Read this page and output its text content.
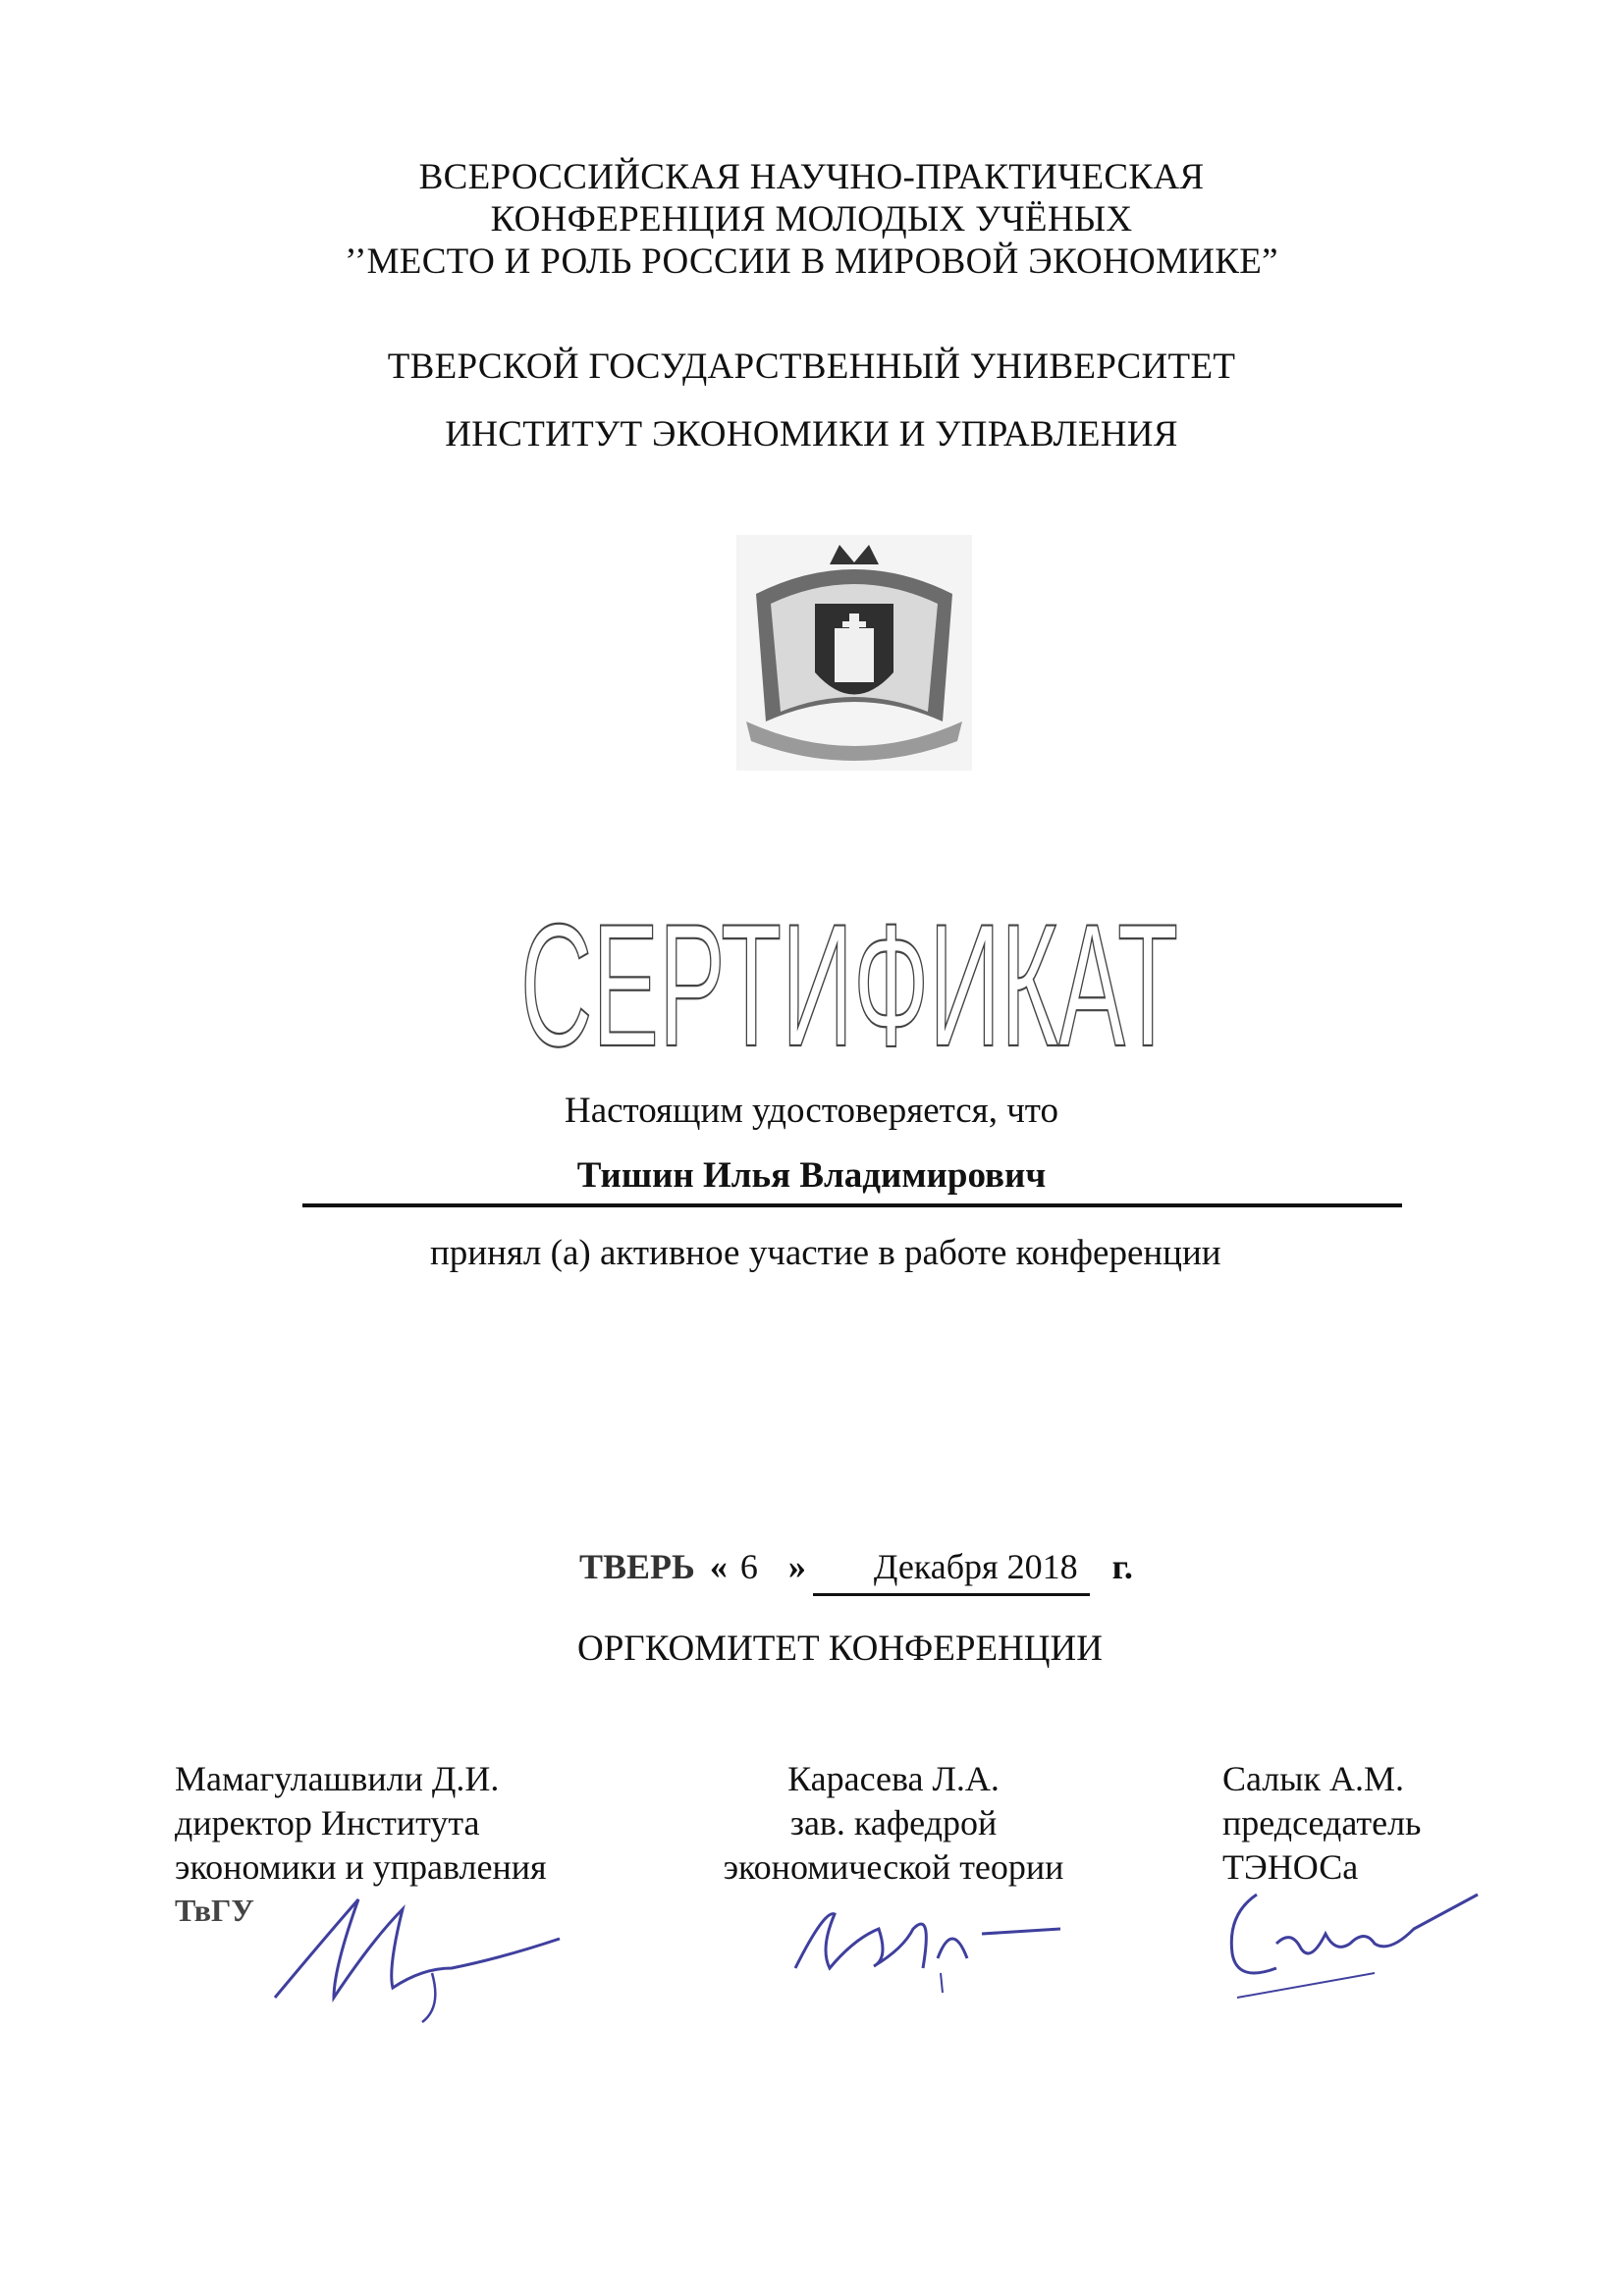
ВСЕРОССИЙСКАЯ НАУЧНО-ПРАКТИЧЕСКАЯ
КОНФЕРЕНЦИЯ МОЛОДЫХ УЧЁНЫХ
’’МЕСТО И РОЛЬ РОССИИ В МИРОВОЙ ЭКОНОМИКЕ”
ТВЕРСКОЙ ГОСУДАРСТВЕННЫЙ УНИВЕРСИТЕТ
ИНСТИТУТ ЭКОНОМИКИ И УПРАВЛЕНИЯ
СЕРТИФИКАТ
Настоящим удостоверяется, что
Тишин Илья Владимирович
принял (а) активное участие в работе конференции
ОРГКОМИТЕТ КОНФЕРЕНЦИИ
Мамагулашвили Д.И.
директор Института
экономики и управления
Карасева Л.А.
зав. кафедрой
экономической теории
Салык А.М.
председатель
ТЭНОСа
ТвГУ
ТВЕРЬ « 6 » Декабря 2018 г.
